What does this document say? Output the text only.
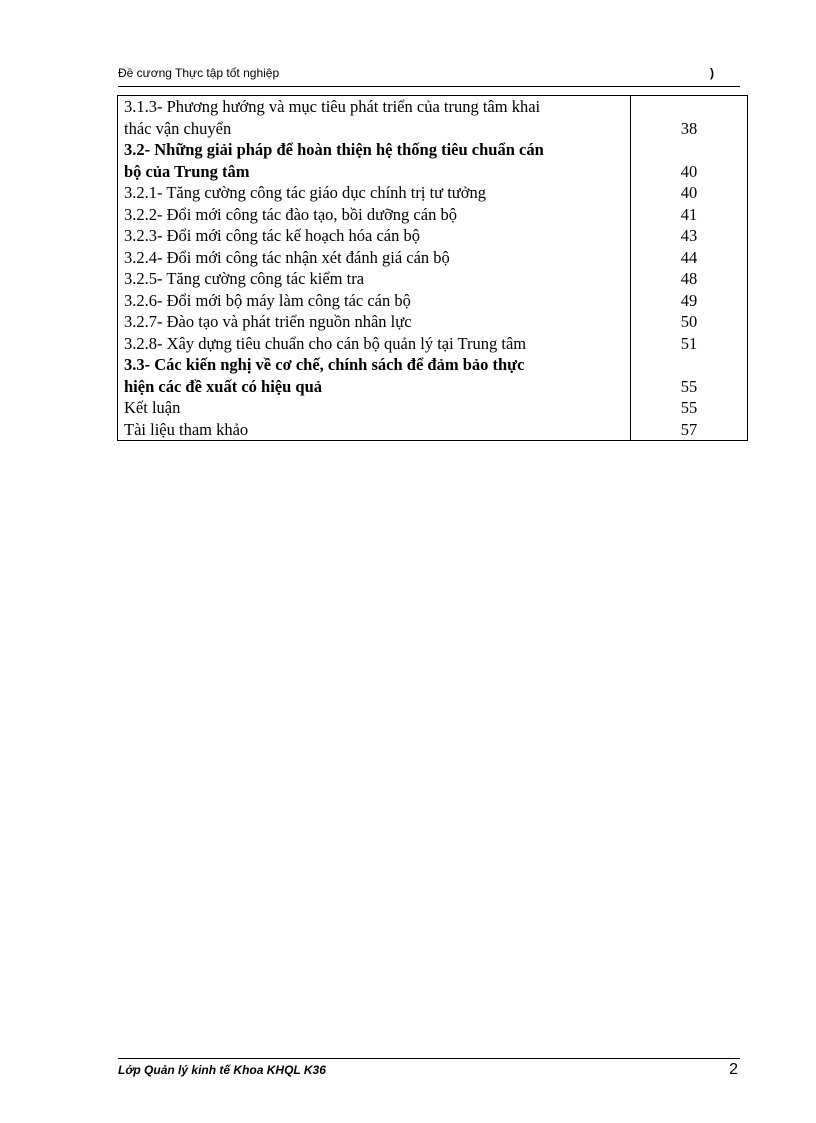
Đề cương Thực tập tốt nghiệp	)
3.1.3- Phương hướng và mục tiêu phát triển của trung tâm khai
thác vận chuyển	38

3.2- Những giải pháp để hoàn thiện hệ thống tiêu chuẩn cán
bộ của Trung tâm	40

3.2.1- Tăng cường công tác giáo dục chính trị tư tưởng	40

3.2.2- Đổi mới công tác đào tạo, bồi dưỡng cán bộ	41

3.2.3- Đổi mới công tác kế hoạch hóa cán bộ	43

3.2.4- Đổi mới công tác nhận xét đánh giá cán bộ	44

3.2.5- Tăng cường công tác kiểm tra	48

3.2.6- Đổi mới bộ máy làm công tác cán bộ	49

3.2.7- Đào tạo và phát triển nguồn nhân lực	50

3.2.8- Xây dựng tiêu chuẩn cho cán bộ quản lý tại Trung tâm	51

3.3- Các kiến nghị về cơ chế, chính sách để đảm bảo thực
hiện các đề xuất có hiệu quả	55

Kết luận	55

Tài liệu tham khảo	57
Lớp Quản lý kinh tế Khoa KHQL K36	2
